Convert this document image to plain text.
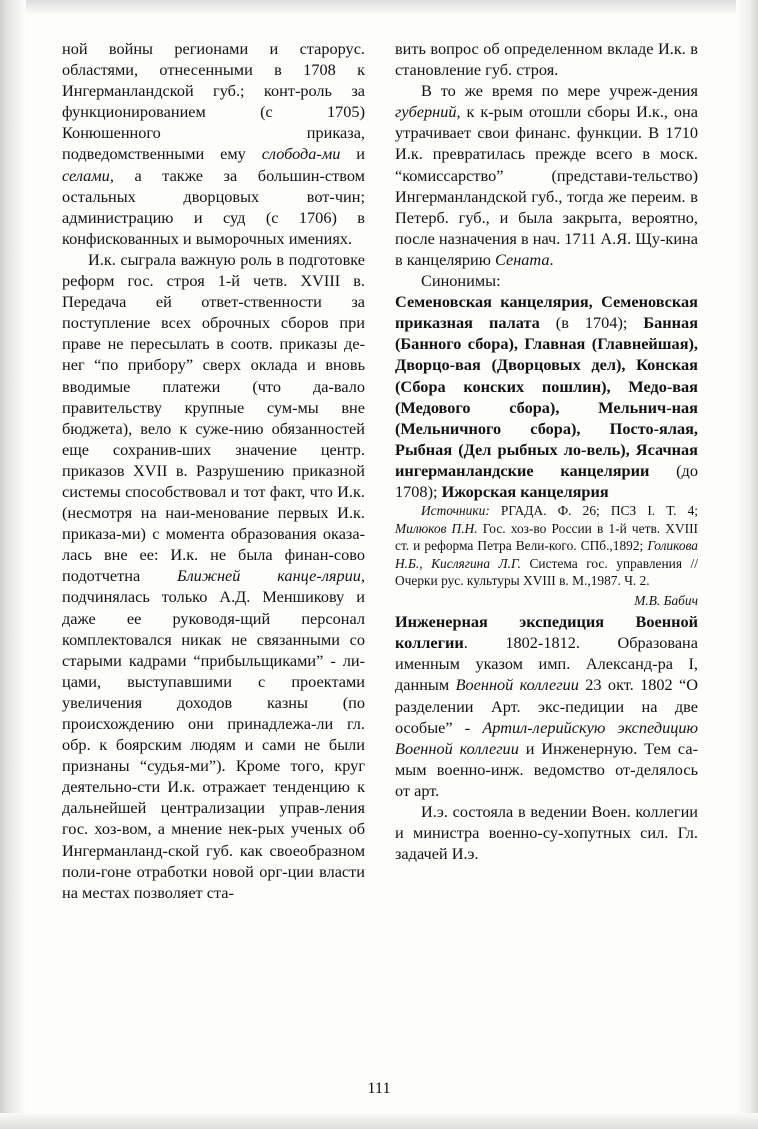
ной войны регионами и старорус. областями, отнесенными в 1708 к Ингерманландской губ.; конт-роль за функционированием (с 1705) Конюшенного приказа, подведомственными ему слобода-ми и селами, а также за большин-ством остальных дворцовых вот-чин; администрацию и суд (с 1706) в конфискованных и выморочных имениях.

И.к. сыграла важную роль в подготовке реформ гос. строя 1-й четв. XVIII в. Передача ей ответ-ственности за поступление всех оброчных сборов при праве не пересылать в соотв. приказы де-нег “по прибору” сверх оклада и вновь вводимые платежи (что да-вало правительству крупные сум-мы вне бюджета), вело к суже-нию обязанностей еще сохранив-ших значение центр. приказов XVII в. Разрушению приказной системы способствовал и тот факт, что И.к. (несмотря на наи-менование первых И.к. приказа-ми) с момента образования оказа-лась вне ее: И.к. не была финан-сово подотчетна Ближней канце-лярии, подчинялась только А.Д. Меншикову и даже ее руководя-щий персонал комплектовался никак не связанными со старыми кадрами “прибыльщиками” - ли-цами, выступавшими с проектами увеличения доходов казны (по происхождению они принадлежа-ли гл. обр. к боярским людям и сами не были признаны “судья-ми”). Кроме того, круг деятельно-сти И.к. отражает тенденцию к дальнейшей централизации управ-ления гос. хоз-вом, а мнение нек-рых ученых об Ингерманланд-ской губ. как своеобразном поли-гоне отработки новой орг-ции власти на местах позволяет ста-

вить вопрос об определенном вкладе И.к. в становление губ. строя.

В то же время по мере учреж-дения губерний, к к-рым отошли сборы И.к., она утрачивает свои финанс. функции. В 1710 И.к. превратилась прежде всего в моск. “комиссарство” (представи-тельство) Ингерманландской губ., тогда же переим. в Петерб. губ., и была закрыта, вероятно, после назначения в нач. 1711 А.Я. Щу-кина в канцелярию Сената.

Синонимы:

Семеновская канцелярия, Семеновская приказная палата (в 1704); Банная (Банного сбора), Главная (Главнейшая), Дворцо-вая (Дворцовых дел), Конская (Сбора конских пошлин), Медо-вая (Медового сбора), Мельнич-ная (Мельничного сбора), Посто-ялая, Рыбная (Дел рыбных ло-вель), Ясачная ингерманландские канцелярии (до 1708); Ижорская канцелярия

Источники: РГАДА. Ф. 26; ПСЗ I. Т. 4; Милюков П.Н. Гос. хоз-во России в 1-й четв. XVIII ст. и реформа Петра Вели-кого. СПб.,1892; Голикова Н.Б., Кислягина Л.Г. Система гос. управления // Очерки рус. культуры XVIII в. М.,1987. Ч. 2.

М.В. Бабич

Инженерная экспедиция Военной коллегии. 1802-1812. Образована именным указом имп. Александ-ра I, данным Военной коллегии 23 окт. 1802 “О разделении Арт. экс-педиции на две особые” - Артил-лерийскую экспедицию Военной коллегии и Инженерную. Тем са-мым военно-инж. ведомство от-делялось от арт.

И.э. состояла в ведении Воен. коллегии и министра военно-су-хопутных сил. Гл. задачей И.э.

111
